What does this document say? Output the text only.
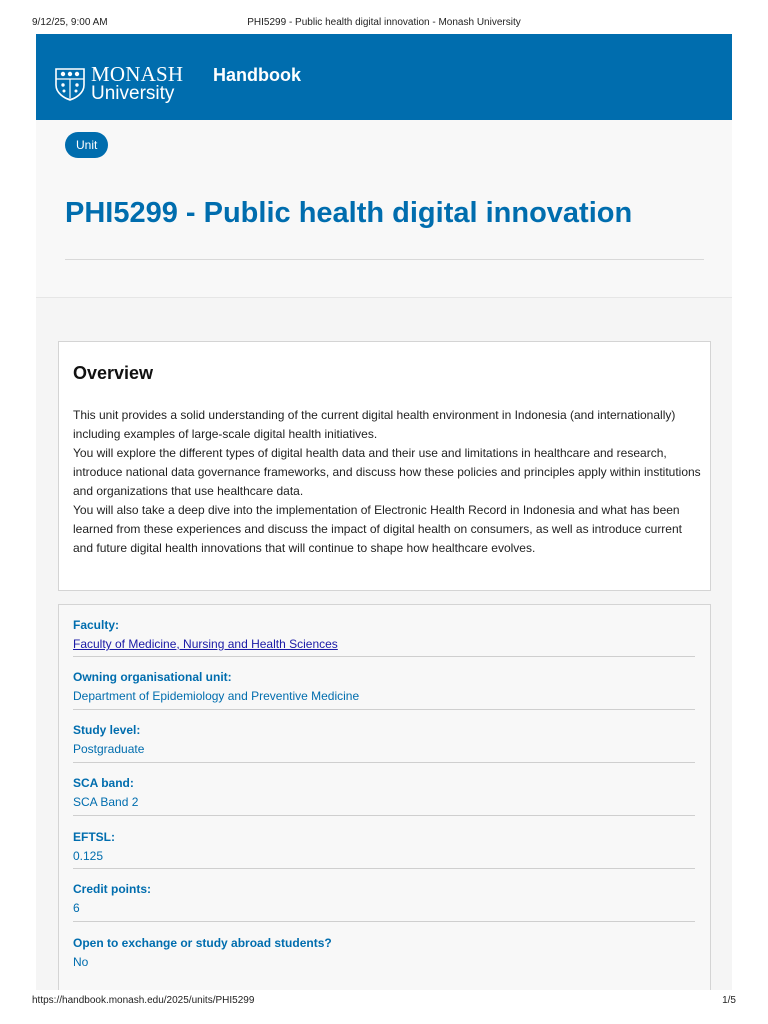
9/12/25, 9:00 AM	PHI5299 - Public health digital innovation - Monash University
MONASH
University
Handbook
Unit
PHI5299 - Public health digital innovation
Overview

This unit provides a solid understanding of the current digital health environment in Indonesia (and internationally) including examples of large-scale digital health initiatives.

You will explore the different types of digital health data and their use and limitations in healthcare and research, introduce national data governance frameworks, and discuss how these policies and principles apply within institutions and organizations that use healthcare data.

You will also take a deep dive into the implementation of Electronic Health Record in Indonesia and what has been learned from these experiences and discuss the impact of digital health on consumers, as well as introduce current and future digital health innovations that will continue to shape how healthcare evolves.

Faculty:
Faculty of Medicine, Nursing and Health Sciences
Owning organisational unit:
Department of Epidemiology and Preventive Medicine
Study level:
Postgraduate
SCA band:
SCA Band 2
EFTSL:
0.125
Credit points:
6
Open to exchange or study abroad students?
No
https://handbook.monash.edu/2025/units/PHI5299	1/5
